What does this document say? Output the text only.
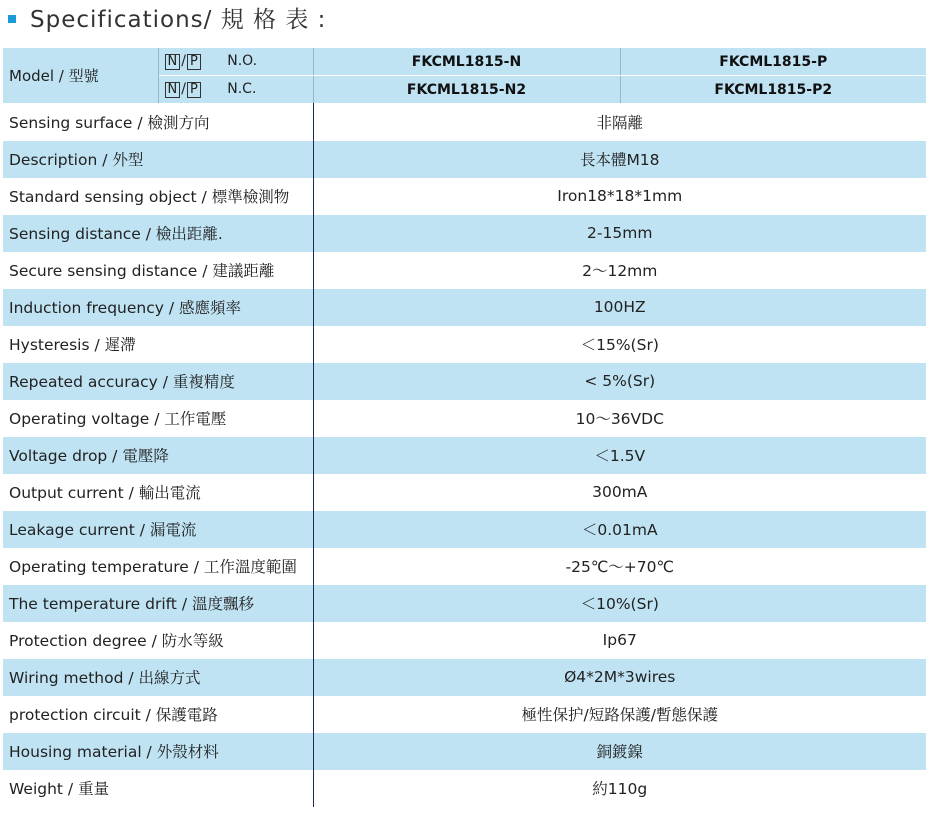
Specifications/ 規 格 表 :
Model / 型號	N / P N.O.	FKCML1815-N	FKCML1815-P
	N / P N.C.	FKCML1815-N2	FKCML1815-P2
Sensing surface / 檢測方向		非隔離	
Description / 外型		長本體M18	
Standard sensing object / 標準檢測物		Iron18*18*1mm	
Sensing distance / 檢出距離.		2-15mm	
Secure sensing distance / 建議距離		2～12mm	
Induction frequency / 感應頻率		100HZ	
Hysteresis / 遲滯		＜15%(Sr)	
Repeated accuracy / 重複精度		< 5%(Sr)	
Operating voltage / 工作電壓		10～36VDC	
Voltage drop / 電壓降		＜1.5V	
Output current / 輸出電流		300mA	
Leakage current / 漏電流		＜0.01mA	
Operating temperature / 工作溫度範圍		-25℃～+70℃	
The temperature drift / 溫度飄移		＜10%(Sr)	
Protection degree / 防水等級		Ip67	
Wiring method / 出線方式		Ø4*2M*3wires	
protection circuit / 保護電路		極性保护/短路保護/暫態保護	
Housing material / 外殼材料		銅鍍鎳	
Weight / 重量		約110g	
